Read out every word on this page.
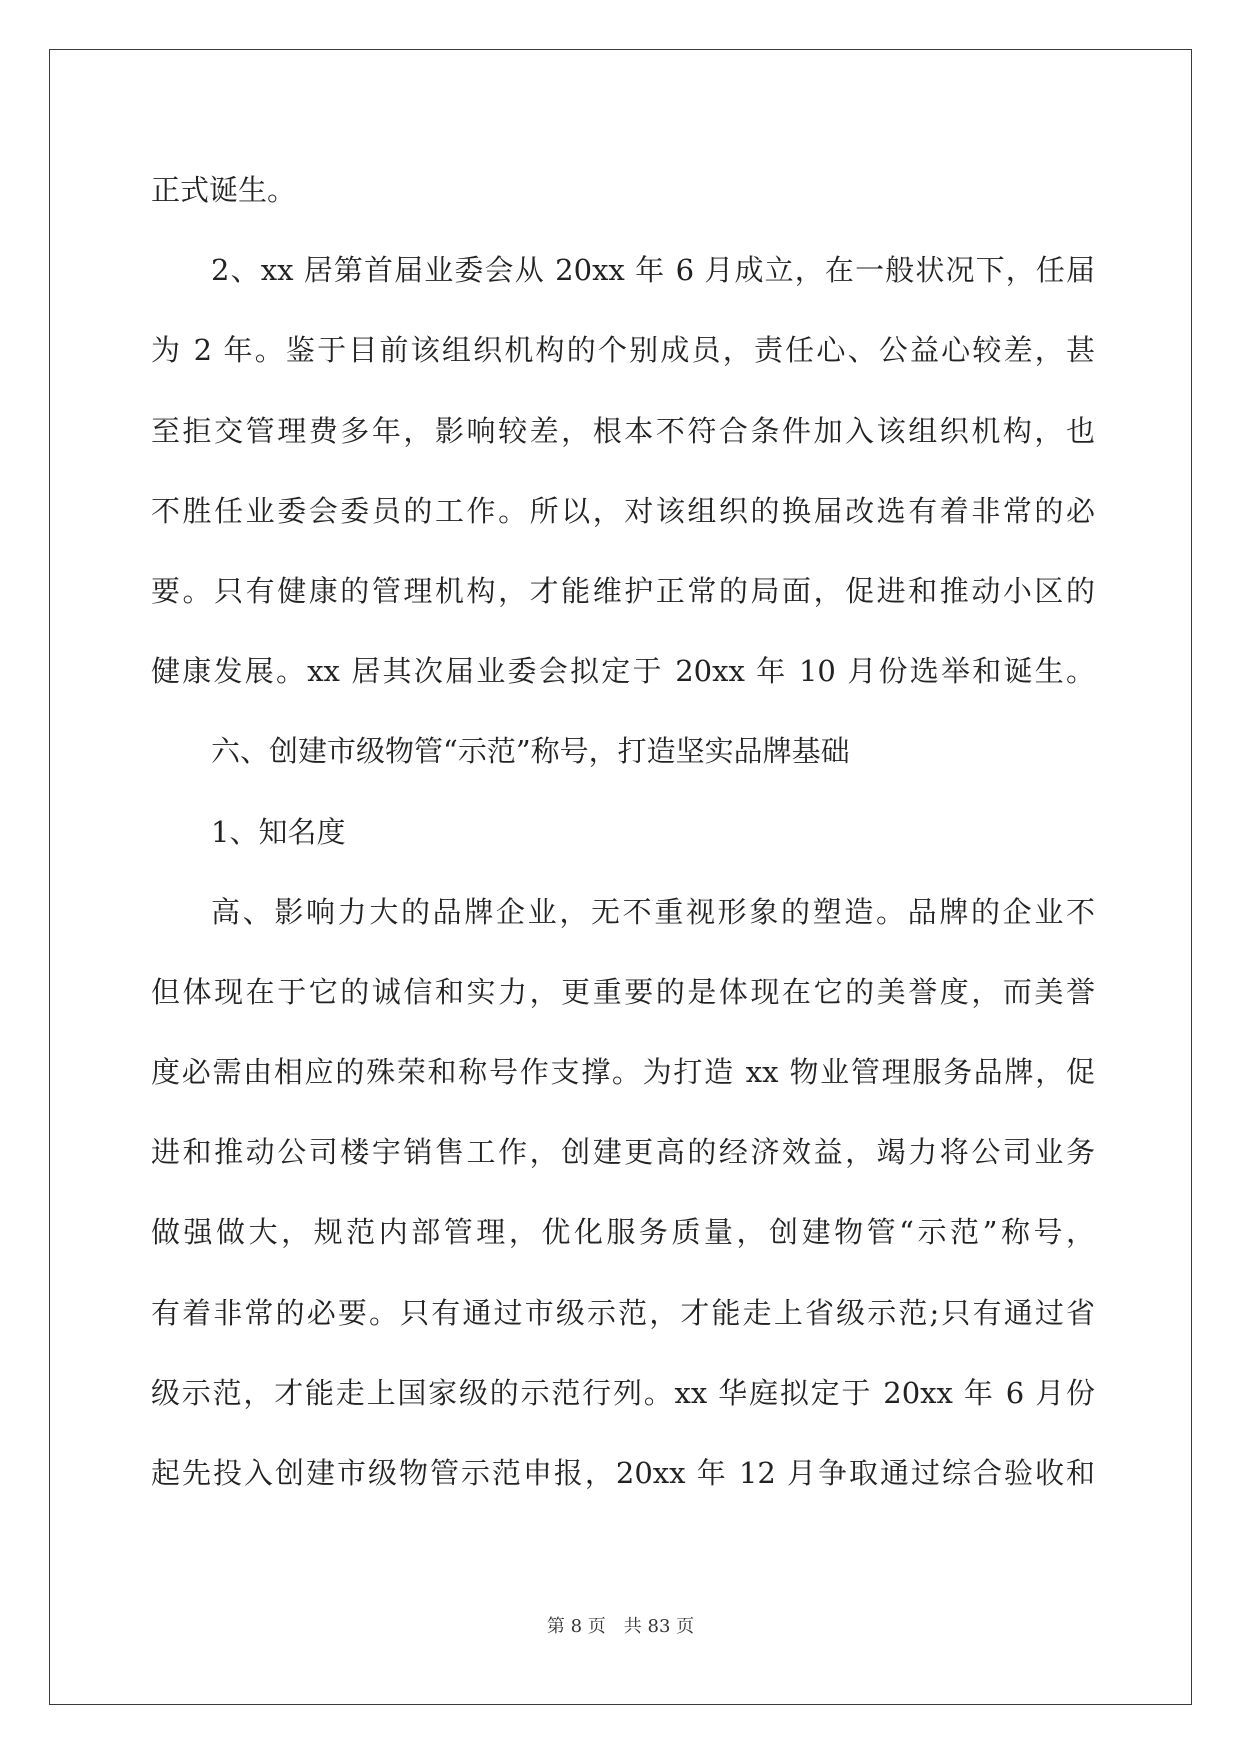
正式诞生。

2、xx 居第首届业委会从 20xx 年 6 月成立，在一般状况下，任届

为 2 年。鉴于目前该组织机构的个别成员，责任心、公益心较差，甚

至拒交管理费多年，影响较差，根本不符合条件加入该组织机构，也

不胜任业委会委员的工作。所以，对该组织的换届改选有着非常的必

要。只有健康的管理机构，才能维护正常的局面，促进和推动小区的

健康发展。xx 居其次届业委会拟定于 20xx 年 10 月份选举和诞生。

六、创建市级物管“示范”称号，打造坚实品牌基础

1、知名度

高、影响力大的品牌企业，无不重视形象的塑造。品牌的企业不

但体现在于它的诚信和实力，更重要的是体现在它的美誉度，而美誉

度必需由相应的殊荣和称号作支撑。为打造 xx 物业管理服务品牌，促

进和推动公司楼宇销售工作，创建更高的经济效益，竭力将公司业务

做强做大，规范内部管理，优化服务质量，创建物管“示范”称号，

有着非常的必要。只有通过市级示范，才能走上省级示范;只有通过省

级示范，才能走上国家级的示范行列。xx 华庭拟定于 20xx 年 6 月份

起先投入创建市级物管示范申报，20xx 年 12 月争取通过综合验收和

第 8 页　共 83 页
